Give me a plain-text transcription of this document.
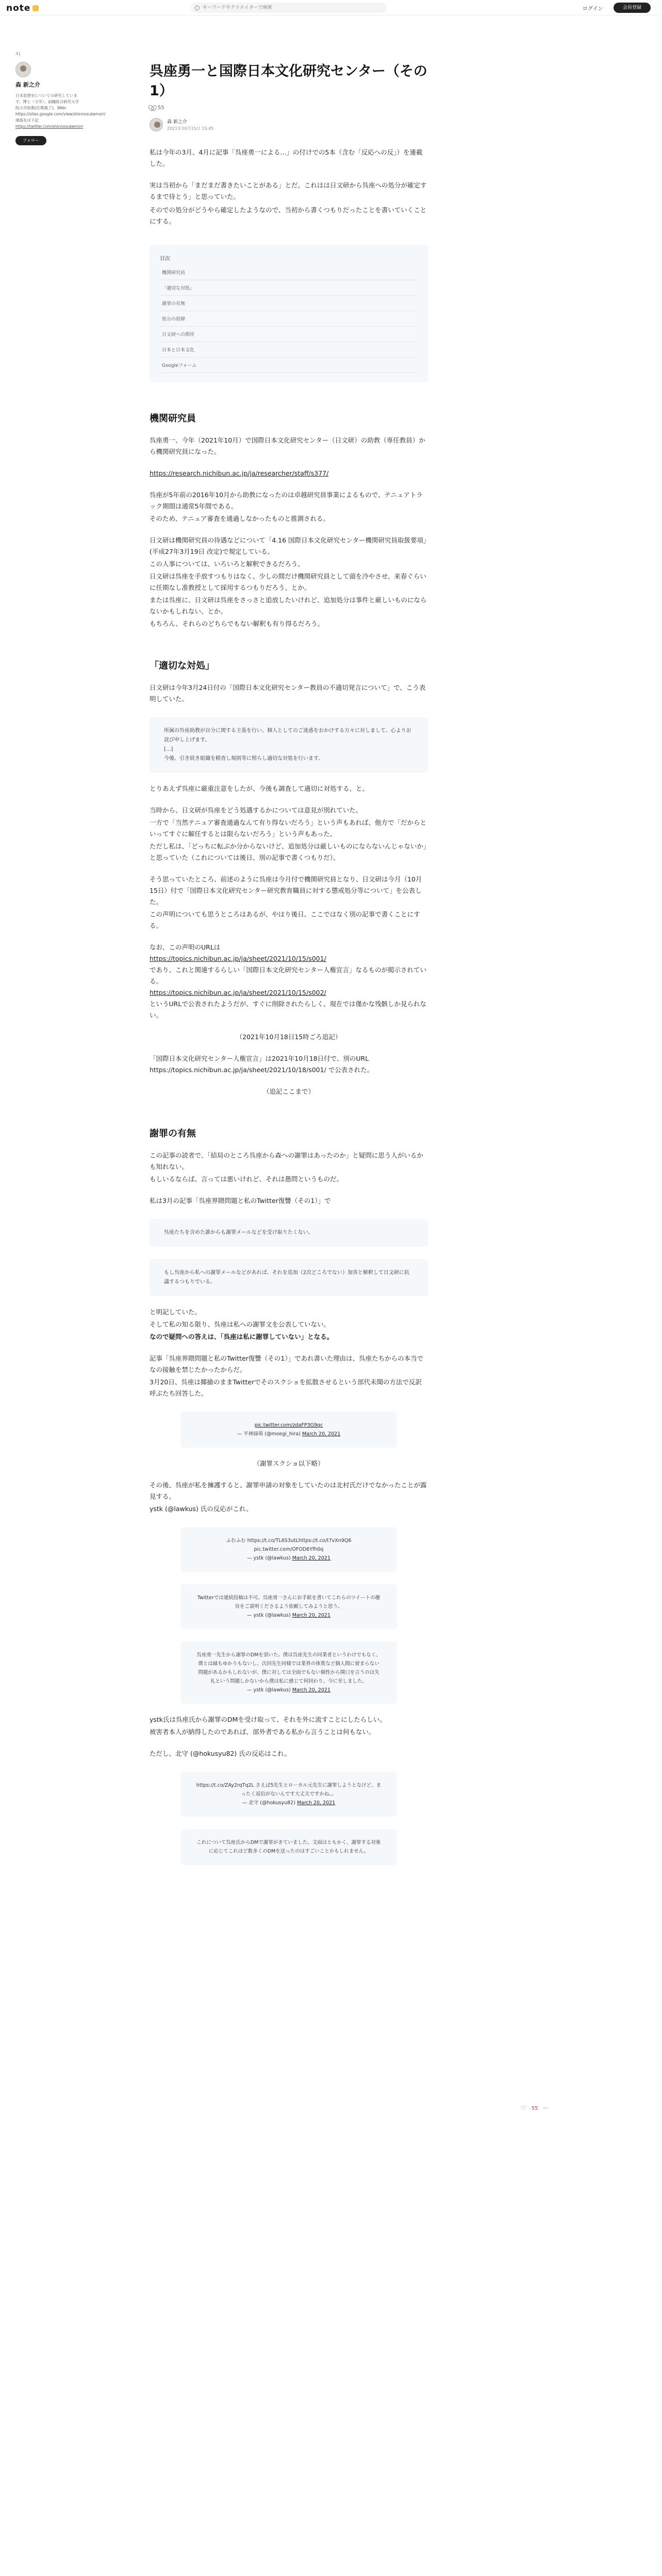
note
キーワードやクリエイターで検索	ログイン	会員登録
41
森 新之介
日本思想史についての研究しています。博士（文学）。前職総合研究大学院大学助教(任期満了)。Web：https://sites.google.com/view/shinnosukemori/ 連絡先は下記
https://twitter.com/shinnosukemori
フォロー
呉座勇一と国際日本文化研究センター（その1）
55
森 新之介
2021年10月15日 15:45

私は今年の3月、4月に記事「呉座勇一による...」の付けでの5本（含む「反応への反」）を連載した。

実は当初から「まだまだ書きたいことがある」とだ。これはは日文研から呉座への処分が確定するまで待とう」と思っていた。

そのでの処分がどうやら確定したようなので、当初から書くつもりだったことを書いていくことにする。

目次
機関研究員
「適切な対処」
謝罪の有無
処分の経緯
日文研への期待
日本と日本文化
Googleフォーム
機関研究員

呉座勇一、今年（2021年10月）で国際日本文化研究センター（日文研）の助教（専任教員）から機関研究員になった。

https://research.nichibun.ac.jp/ja/researcher/staff/s377/

呉座が5年前の2016年10月から助教になったのは卓越研究員事業によるもので、テニュアトラック期間は通常5年間である。

そのため、テニュア審査を通過しなかったものと推測される。

日文研は機関研究員の待遇などについて「4.16 国際日本文化研究センター機関研究員取扱要項」(平成27年3月19日 改定)で規定している。

この人事については、いろいろと解釈できるだろう。

日文研は呉座を手放すつもりはなく、少しの間だけ機関研究員として頭を冷やさせ、来春ぐらいに任期なし准教授として採用するつもりだろう、とか。

または呉座に、日文研は呉座をさっさと追放したいけれど、追加処分は事件と厳しいものにならないかもしれない、とか。

もちろん、それらのどちらでもない解釈も有り得るだろう。

「適切な対処」

日文研は今年3月24日付の「国際日本文化研究センター教員の不適切発言について」で、こう表明していた。

所属の呉座助教が自分に関する主張を行い、個人としてのご迷惑をおかけする方々に対しまして、心よりお詫び申し上げます。
[...]
今後、引き続き組織を精査し規則等に照らし適切な対処を行います。

とりあえず呉座に厳重注意をしたが、今後も調査して適切に対処する、と。

当時から、日文研が呉座をどう処遇するかについては意見が別れていた。

一方で「当然テニュア審査通過なんて有り得ないだろう」という声もあれば、他方で「だからといってすぐに解任するとは限らないだろう」という声もあった。

ただし私は、「どっちに転ぶか分からないけど、追加処分は厳しいものにならないんじゃないか」と思っていた（これについては後日、別の記事で書くつもりだ）。

そう思っていたところ、前述のように呉座は今月付で機関研究員となり、日文研は今月（10月15日）付で「国際日本文化研究センター研究教育職員に対する懲戒処分等について」を公表した。

この声明についても思うところはあるが、やはり後日、ここではなく別の記事で書くことにする。

なお、この声明のURLは

https://topics.nichibun.ac.jp/ja/sheet/2021/10/15/s001/

であり、これと関連するらしい「国際日本文化研究センター人権宣言」なるものが掲示されている。

https://topics.nichibun.ac.jp/ja/sheet/2021/10/15/s002/

というURLで公表されたようだが、すぐに削除されたらしく、現在では僅かな残骸しか見られない。

（2021年10月18日15時ごろ追記）

「国際日本文化研究センター人権宣言」は2021年10月18日付で、別のURL https://topics.nichibun.ac.jp/ja/sheet/2021/10/18/s001/ で公表された。

（追記ここまで）

謝罪の有無

この記事の読者で、「結局のところ呉座から森への謝罪はあったのか」と疑問に思う人がいるかも知れない。

もしいるならば、言っては悪いけれど、それは愚問というものだ。

私は3月の記事「呉座界隈問題と私のTwitter復讐（その1）」で

呉座たちを含めた誰からも謝罪メールなどを受け取りたくない。
もし呉座から私への謝罪メールなどがあれば、それを追加（2次どころでない）加害と解釈して日文研に抗議するつもりでいる。

と明記していた。

そして私の知る限り、呉座は私への謝罪文を公表していない。

なので疑問への答えは、「呉座は私に謝罪していない」となる。

記事「呉座界隈問題と私のTwitter復讐（その1）」であれ書いた理由は、呉座たちからの本当でなの接触を禁じたかったからだ。

3月20日、呉座は揶揄のままTwitterでそのスクショを拡散させるという部代未聞の方法で反訳呼ぶたち回答した。

pic.twitter.com/zdaFP3G9qc
— 平林緑萌 (@moegi_hira) March 20, 2021

（謝罪スクショ以下略）

その後、呉座が私を擁護すると、謝罪申請の対象をしていたのは北村氏だけでなかったことが露見する。

ystk (@lawkus) 氏の反応がこれ。

ふむふむ https://t.co/TL6S3utLhttps://t.co/t7vXn9Q6 pic.twitter.com/OFOD6Yfh0q
— ystk (@lawkus) March 20, 2021
Twitterでは連続投稿は不可。呉座勇一さんにお手紙を書いてこれらのツイートの趣旨をご説明くださるよう依頼してみようと思う。
— ystk (@lawkus) March 20, 2021
呉座勇一先生から謝罪のDMを頂いた。僕は呉座先生の同業者というわけでもなく、僕とは縁もゆかりもないし、次回先生同様では業界の体質など個人間に留まらない問題があるかもしれないが、僕に対しては全面でもない個性から開口を言うのは失礼という問題しかないから僕は私に感じて何回わり、今に至しました。
— ystk (@lawkus) March 20, 2021

ystk氏は呉座氏から謝罪のDMを受け取って、それを外に流すことにしたらしい。

被害者本人が納得したのであれば、部外者である私から言うことは何もない。

ただし、北守 (@hokusyu82) 氏の反応はこれ。

https://t.co/ZAy2rqTq2L さえば5先生とローカル元先生に謝罪しようとなけど、まったく返信がないんです大丈夫ですかね。。
— 北守 (@hokusyu82) March 20, 2021
これについて呉座氏からDMで謝罪がきていました。文面はともかく、謝罪する対象に応じてこれほど数多くのDMを送ったのはすごいことかもしれません。
♡ 55 ⋯
